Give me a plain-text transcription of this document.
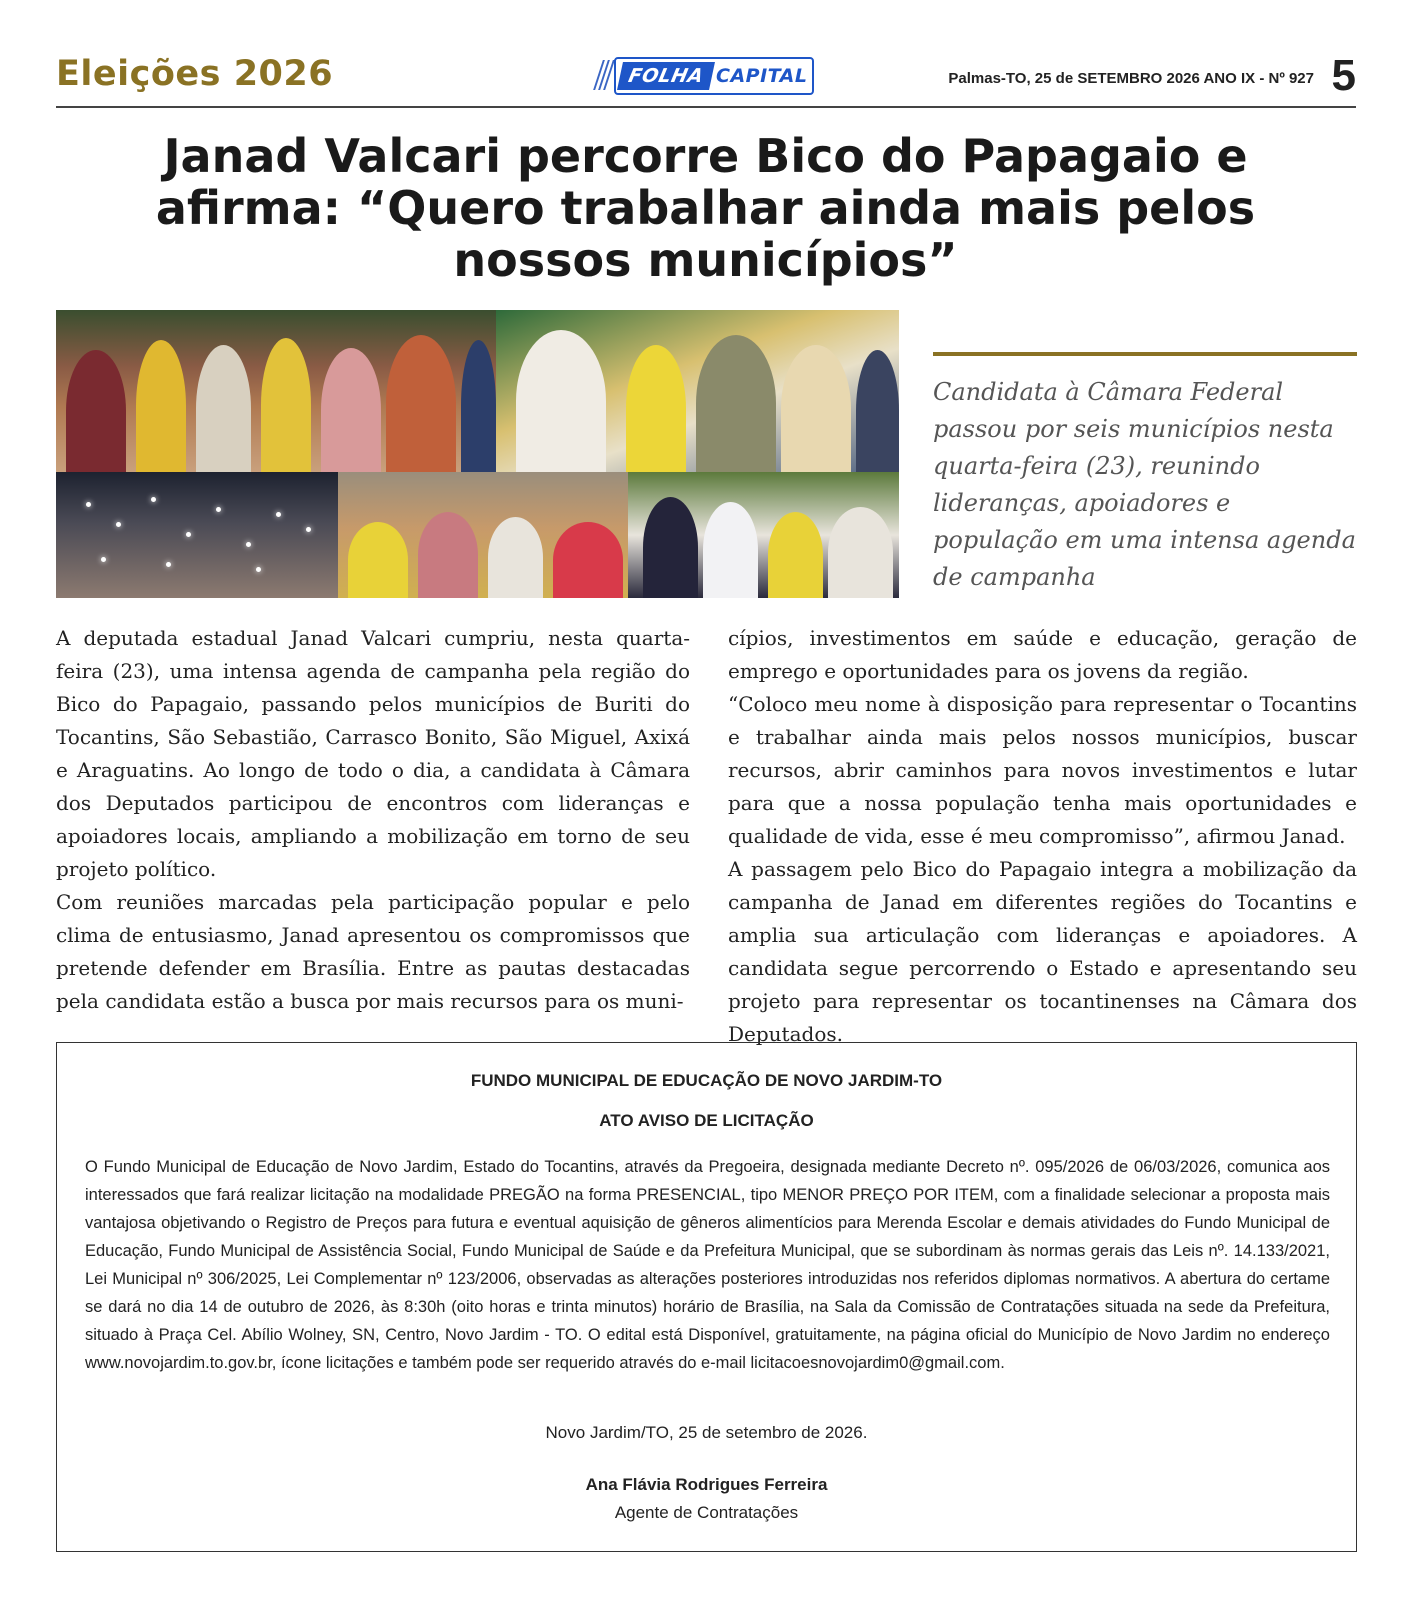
Eleições 2026	FOLHA CAPITAL	Palmas-TO, 25 de SETEMBRO 2026 ANO IX - Nº 927 5
Janad Valcari percorre Bico do Papagaio e afirma: “Quero trabalhar ainda mais pelos nossos municípios”
Candidata à Câmara Federal passou por seis municípios nesta quarta-feira (23), reunindo lideranças, apoiadores e população em uma intensa agenda de campanha

A deputada estadual Janad Valcari cumpriu, nesta quarta-feira (23), uma intensa agenda de campanha pela região do Bico do Papagaio, passando pelos municípios de Buriti do Tocantins, São Sebastião, Carrasco Bonito, São Miguel, Axixá e Araguatins. Ao longo de todo o dia, a candidata à Câmara dos Deputados participou de encontros com lideranças e apoiadores locais, ampliando a mobilização em torno de seu projeto político.

Com reuniões marcadas pela participação popular e pelo clima de entusiasmo, Janad apresentou os compromissos que pretende defender em Brasília. Entre as pautas destacadas pela candidata estão a busca por mais recursos para os muni-

cípios, investimentos em saúde e educação, geração de emprego e oportunidades para os jovens da região.

“Coloco meu nome à disposição para representar o Tocantins e trabalhar ainda mais pelos nossos municípios, buscar recursos, abrir caminhos para novos investimentos e lutar para que a nossa população tenha mais oportunidades e qualidade de vida, esse é meu compromisso”, afirmou Janad.

A passagem pelo Bico do Papagaio integra a mobilização da campanha de Janad em diferentes regiões do Tocantins e amplia sua articulação com lideranças e apoiadores. A candidata segue percorrendo o Estado e apresentando seu projeto para representar os tocantinenses na Câmara dos Deputados.

FUNDO MUNICIPAL DE EDUCAÇÃO DE NOVO JARDIM-TO
ATO AVISO DE LICITAÇÃO

O Fundo Municipal de Educação de Novo Jardim, Estado do Tocantins, através da Pregoeira, designada mediante Decreto nº. 095/2026 de 06/03/2026, comunica aos interessados que fará realizar licitação na modalidade PREGÃO na forma PRESENCIAL, tipo MENOR PREÇO POR ITEM, com a finalidade selecionar a proposta mais vantajosa objetivando o Registro de Preços para futura e eventual aquisição de gêneros alimentícios para Merenda Escolar e demais atividades do Fundo Municipal de Educação, Fundo Municipal de Assistência Social, Fundo Municipal de Saúde e da Prefeitura Municipal, que se subordinam às normas gerais das Leis nº. 14.133/2021, Lei Municipal nº 306/2025, Lei Complementar nº 123/2006, observadas as alterações posteriores introduzidas nos referidos diplomas normativos. A abertura do certame se dará no dia 14 de outubro de 2026, às 8:30h (oito horas e trinta minutos) horário de Brasília, na Sala da Comissão de Contratações situada na sede da Prefeitura, situado à Praça Cel. Abílio Wolney, SN, Centro, Novo Jardim - TO. O edital está Disponível, gratuitamente, na página oficial do Município de Novo Jardim no endereço www.novojardim.to.gov.br, ícone licitações e também pode ser requerido através do e-mail licitacoesnovojardim0@gmail.com.

Novo Jardim/TO, 25 de setembro de 2026.
Ana Flávia Rodrigues Ferreira
Agente de Contratações
